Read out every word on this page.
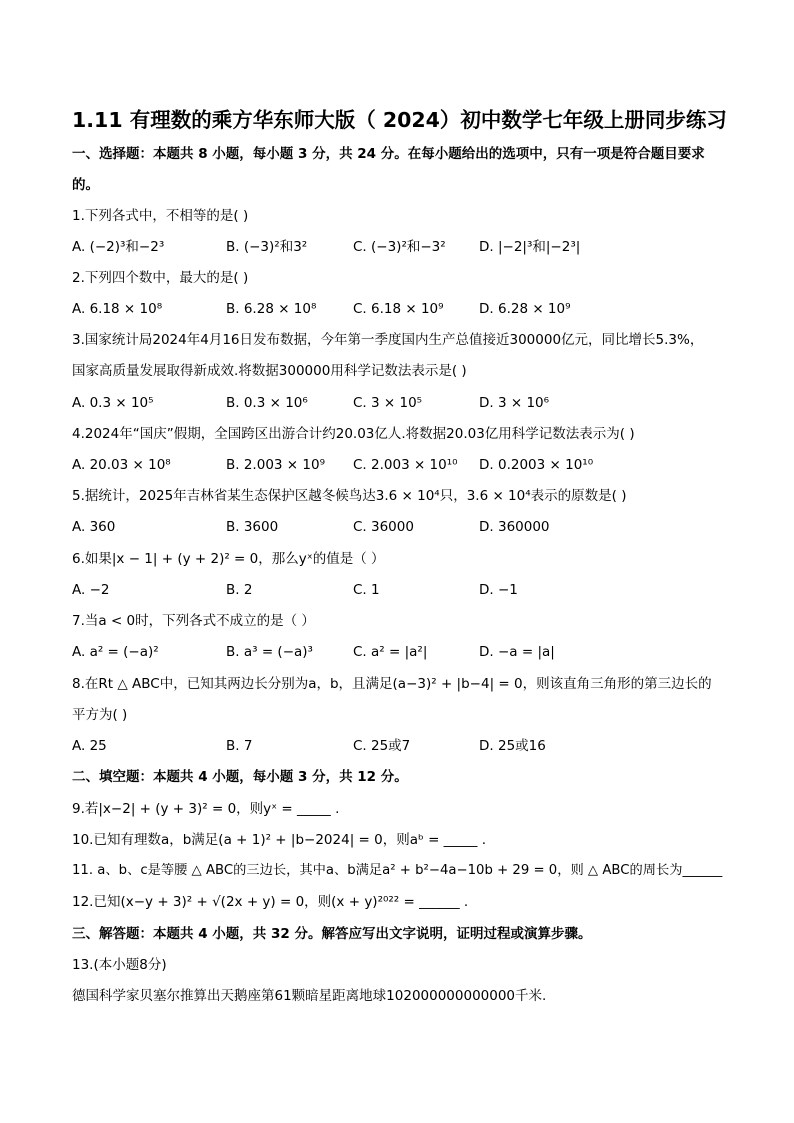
1.11 有理数的乘方华东师大版（ 2024）初中数学七年级上册同步练习
一、选择题：本题共 8 小题，每小题 3 分，共 24 分。在每小题给出的选项中，只有一项是符合题目要求
的。
1.下列各式中，不相等的是( )
A. (−2)³和−2³	B. (−3)²和3²	C. (−3)²和−3² D. |−2|³和|−2³|
2.下列四个数中，最大的是( )
A. 6.18 × 10⁸	B. 6.28 × 10⁸	C. 6.18 × 10⁹	D. 6.28 × 10⁹
3.国家统计局2024年4月16日发布数据，今年第一季度国内生产总值接近300000亿元，同比增长5.3%，
国家高质量发展取得新成效.将数据300000用科学记数法表示是( )
A. 0.3 × 10⁵	B. 0.3 × 10⁶	C. 3 × 10⁵	D. 3 × 10⁶
4.2024年“国庆”假期，全国跨区出游合计约20.03亿人.将数据20.03亿用科学记数法表示为( )
A. 20.03 × 10⁸	B. 2.003 × 10⁹ C. 2.003 × 10¹⁰ D. 0.2003 × 10¹⁰
5.据统计，2025年吉林省某生态保护区越冬候鸟达3.6 × 10⁴只，3.6 × 10⁴表示的原数是( )
A. 360	B. 3600	C. 36000	D. 360000
6.如果|x − 1| + (y + 2)² = 0，那么yˣ的值是（ ）
A. −2	B. 2	C. 1	D. −1
7.当a < 0时，下列各式不成立的是（ ）
A. a² = (−a)²	B. a³ = (−a)³	C. a² = |a²|	D. −a = |a|
8.在Rt △ ABC中，已知其两边长分别为a，b，且满足(a−3)² + |b−4| = 0，则该直角三角形的第三边长的
平方为( )
A. 25	B. 7	C. 25或7	D. 25或16
二、填空题：本题共 4 小题，每小题 3 分，共 12 分。
9.若|x−2| + (y + 3)² = 0，则yˣ = _____ .
10.已知有理数a，b满足(a + 1)² + |b−2024| = 0，则aᵇ = _____ .
11. a、b、c是等腰 △ ABC的三边长，其中a、b满足a² + b²−4a−10b + 29 = 0，则 △ ABC的周长为______
12.已知(x−y + 3)² + √(2x + y) = 0，则(x + y)²⁰²² = ______ .
三、解答题：本题共 4 小题，共 32 分。解答应写出文字说明，证明过程或演算步骤。
13.(本小题8分)
德国科学家贝塞尔推算出天鹅座第61颗暗星距离地球102000000000000千米.
